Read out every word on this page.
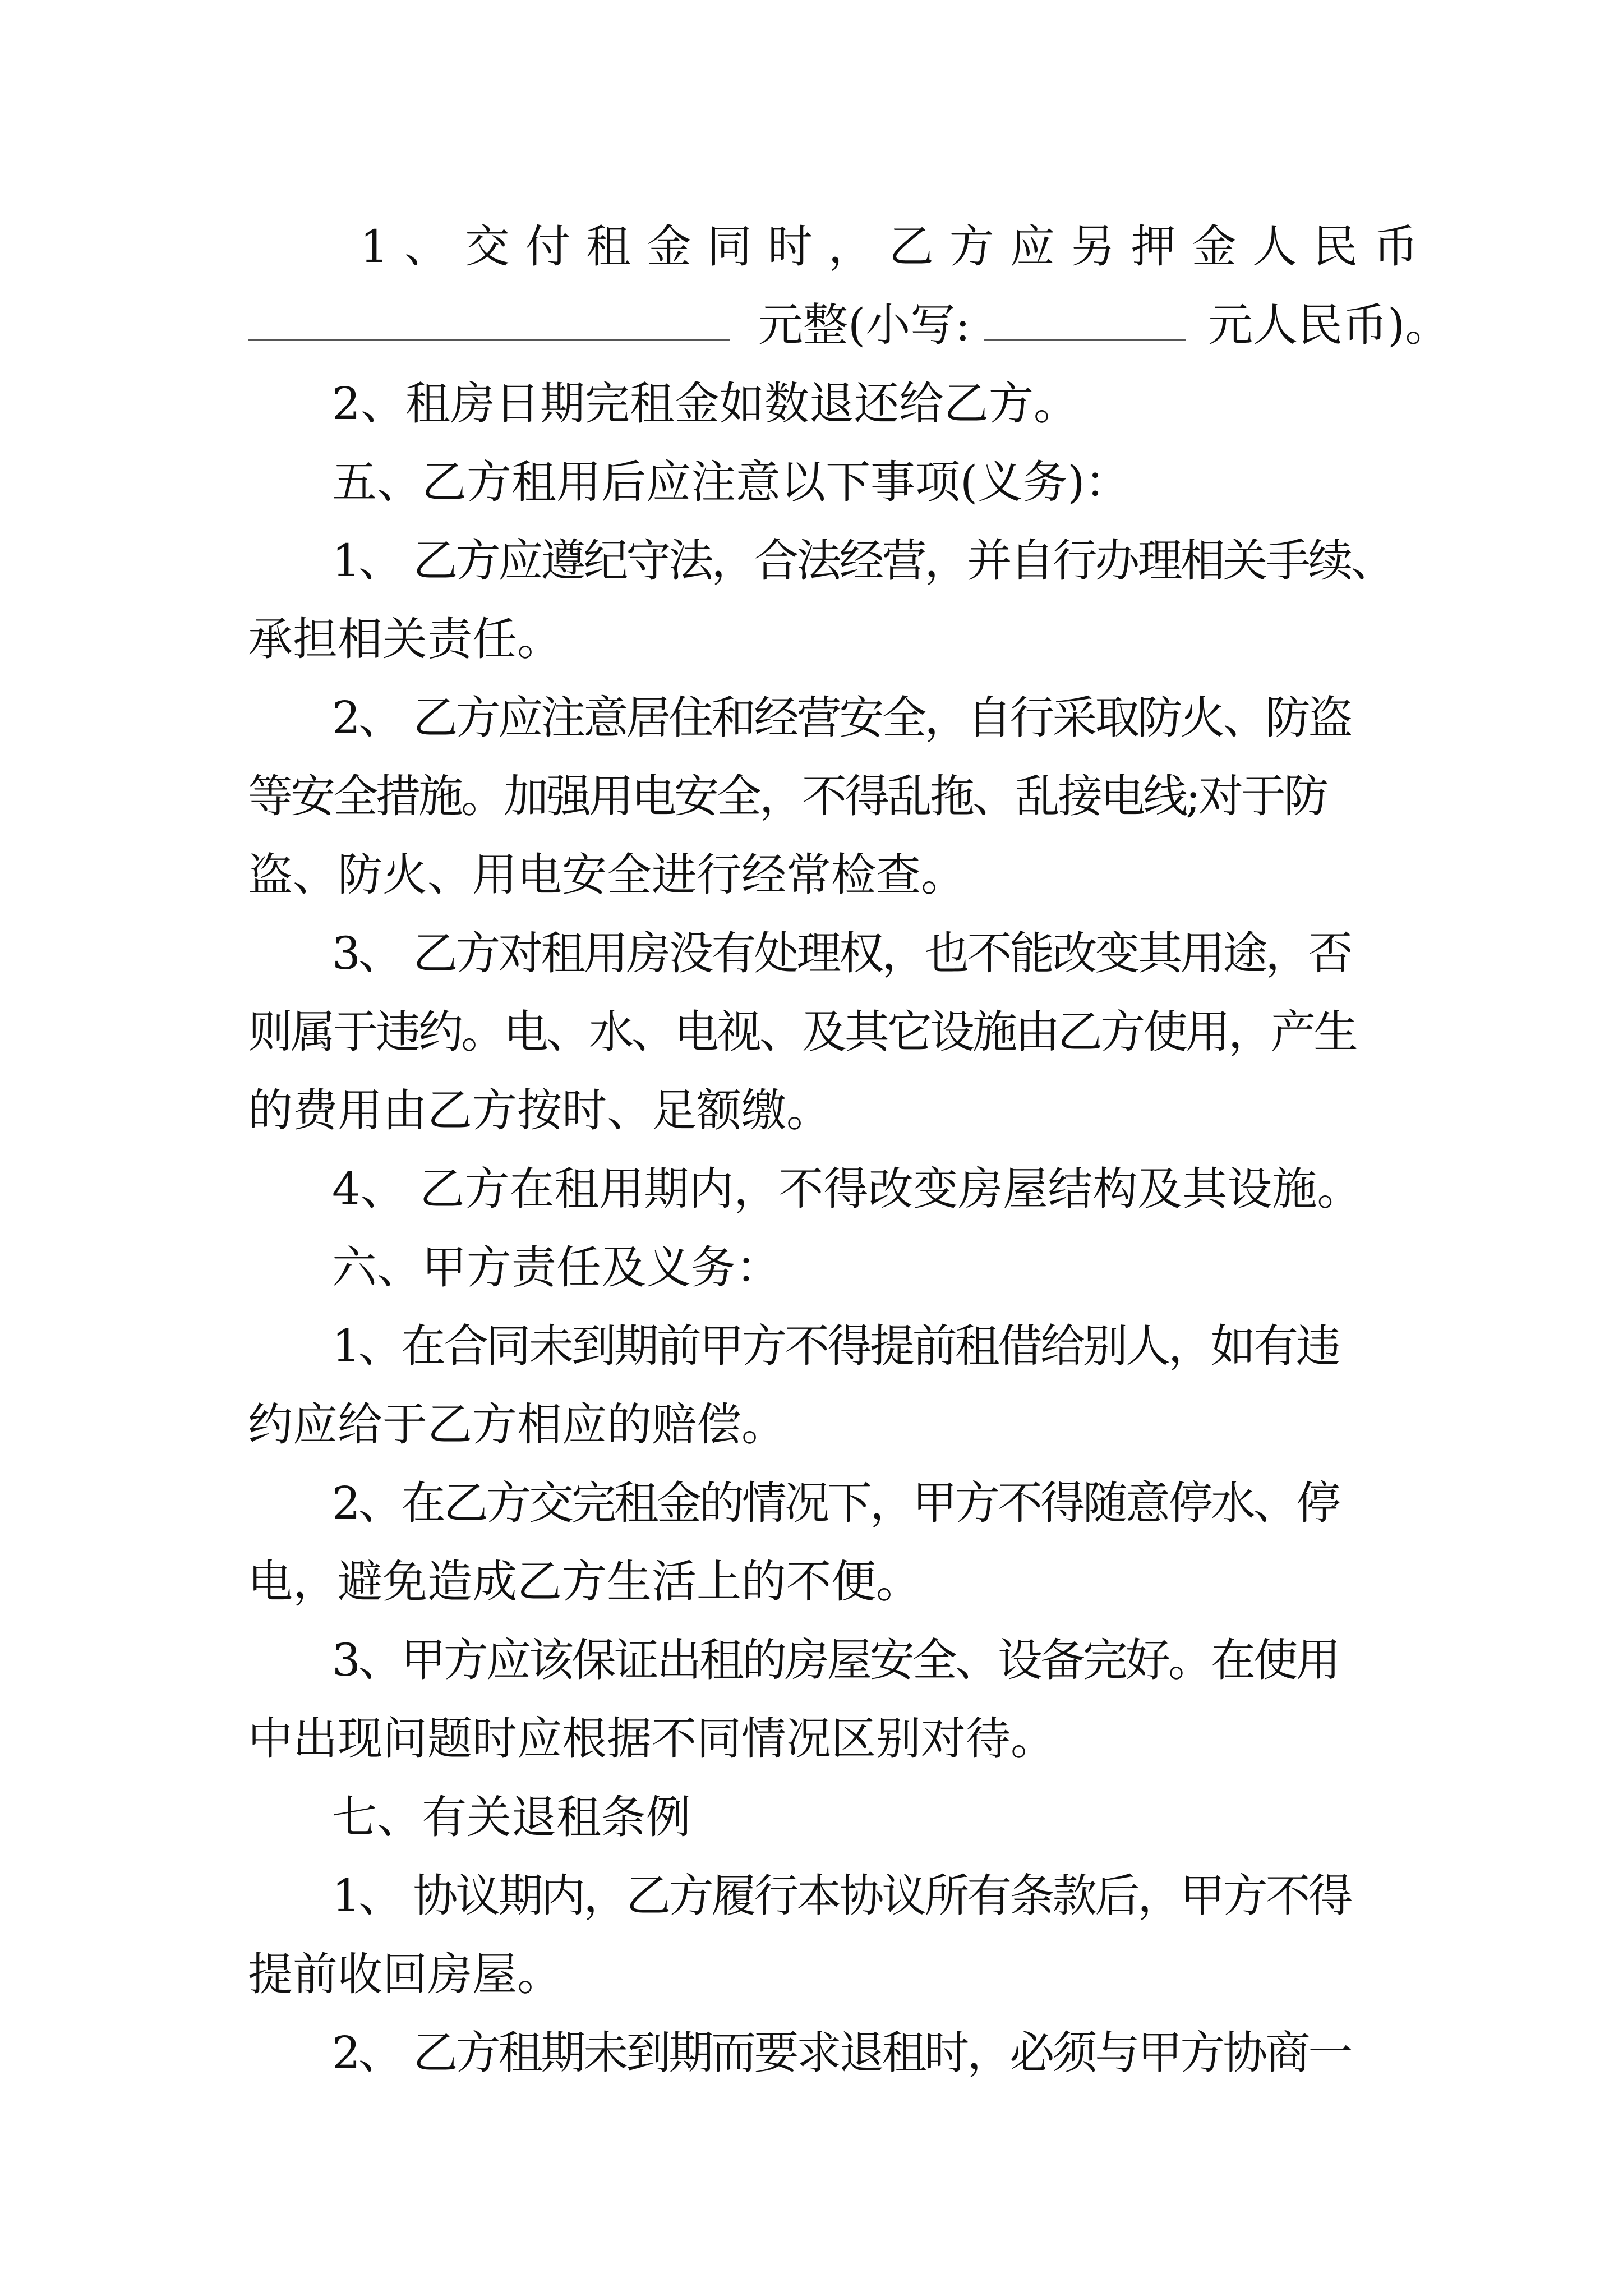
1、交付租金同时，乙方应另押金人民币
元整(小写:	元人民币)。
2、租房日期完租金如数退还给乙方。
五、乙方租用后应注意以下事项(义务)：
1、 乙方应遵纪守法，合法经营，并自行办理相关手续、
承担相关责任。
2、 乙方应注意居住和经营安全，自行采取防火、防盗
等安全措施。加强用电安全，不得乱拖、乱接电线;对于防
盗、防火、用电安全进行经常检查。
3、 乙方对租用房没有处理权，也不能改变其用途，否
则属于违约。电、水、电视、及其它设施由乙方使用，产生
的费用由乙方按时、足额缴。
4、 乙方在租用期内，不得改变房屋结构及其设施。
六、甲方责任及义务：
1、在合同未到期前甲方不得提前租借给别人，如有违
约应给于乙方相应的赔偿。
2、在乙方交完租金的情况下，甲方不得随意停水、停
电，避免造成乙方生活上的不便。
3、甲方应该保证出租的房屋安全、设备完好。在使用
中出现问题时应根据不同情况区别对待。
七、有关退租条例
1、 协议期内，乙方履行本协议所有条款后，甲方不得
提前收回房屋。
2、 乙方租期未到期而要求退租时，必须与甲方协商一
